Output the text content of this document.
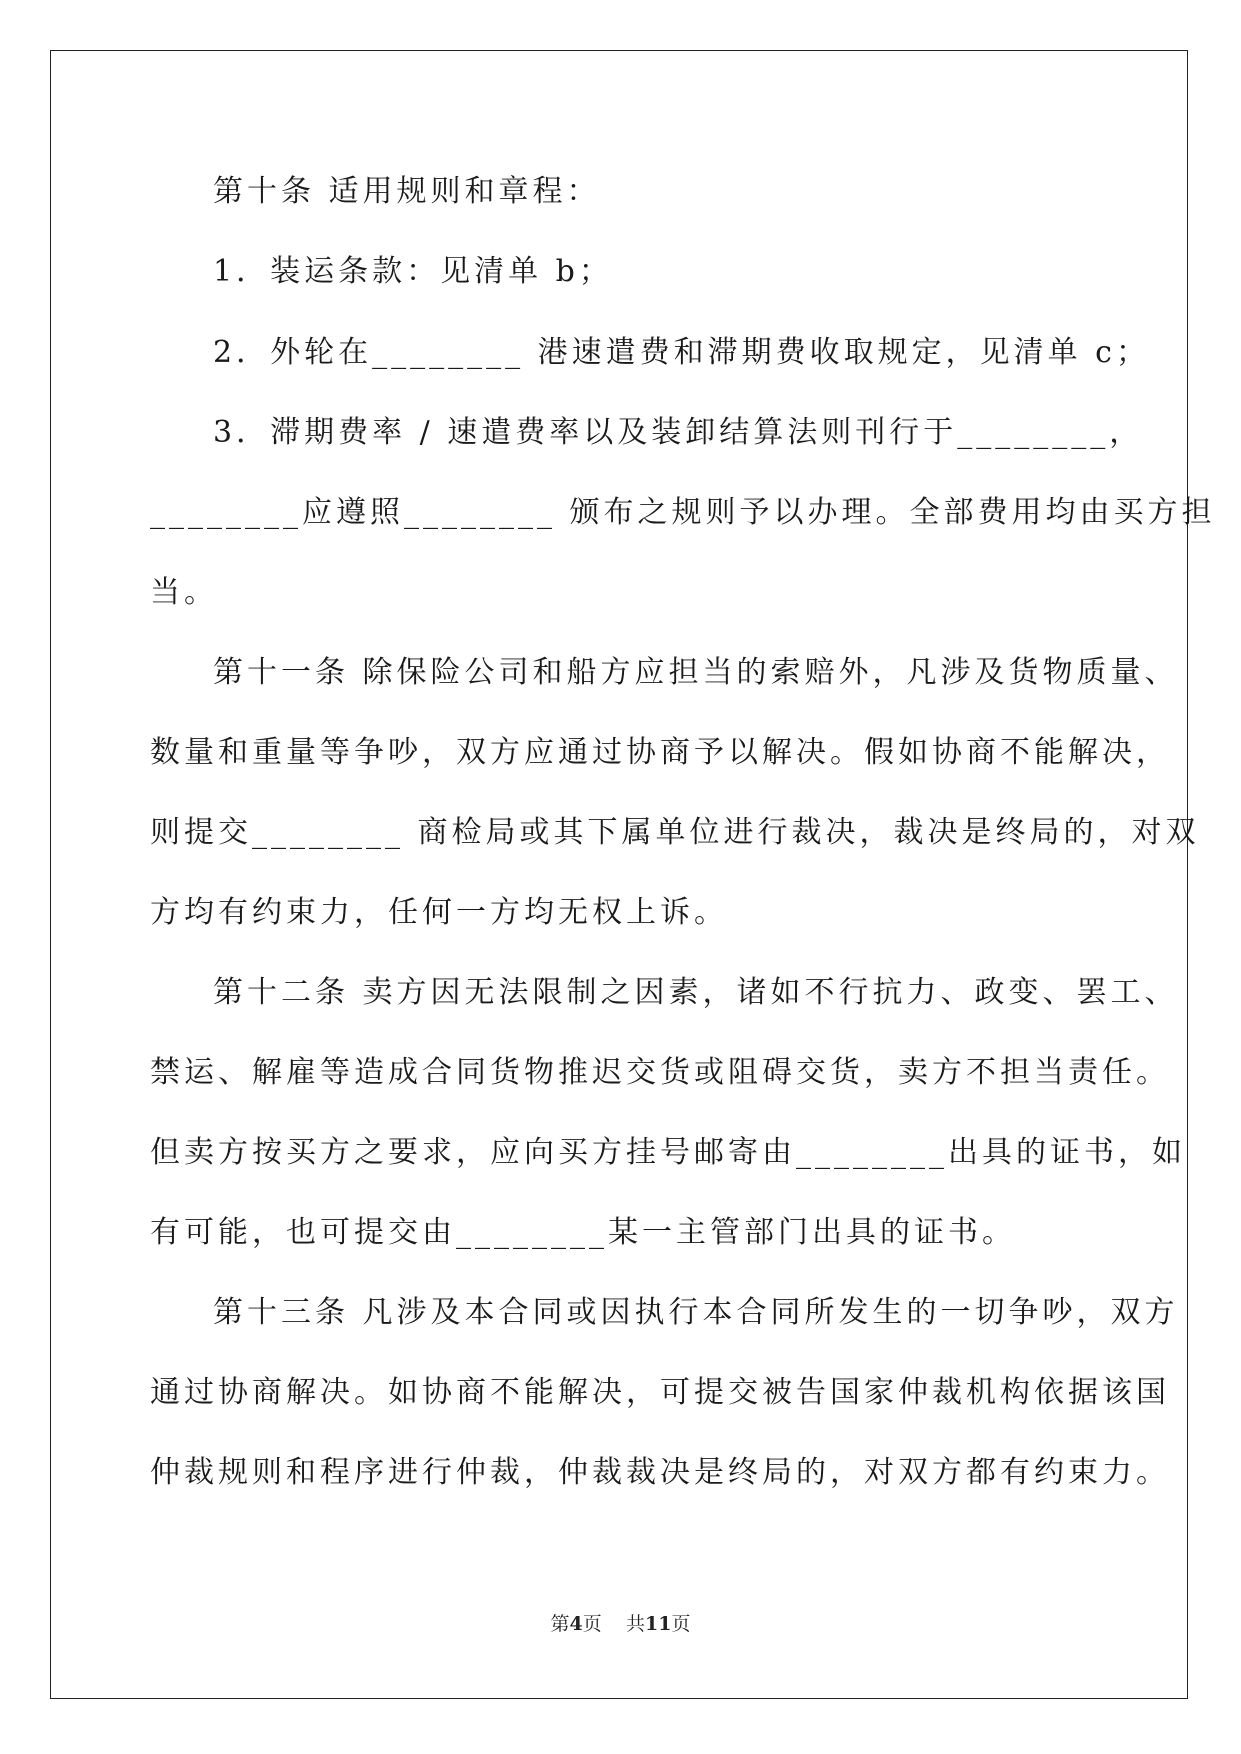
第十条 适用规则和章程：
1．装运条款：见清单 b；
2．外轮在________ 港速遣费和滞期费收取规定，见清单 c；
3．滞期费率 / 速遣费率以及装卸结算法则刊行于________，
________应遵照________ 颁布之规则予以办理。全部费用均由买方担
当。
第十一条 除保险公司和船方应担当的索赔外，凡涉及货物质量、
数量和重量等争吵，双方应通过协商予以解决。假如协商不能解决，
则提交________ 商检局或其下属单位进行裁决，裁决是终局的，对双
方均有约束力，任何一方均无权上诉。
第十二条 卖方因无法限制之因素，诸如不行抗力、政变、罢工、
禁运、解雇等造成合同货物推迟交货或阻碍交货，卖方不担当责任。
但卖方按买方之要求，应向买方挂号邮寄由________出具的证书，如
有可能，也可提交由________某一主管部门出具的证书。
第十三条 凡涉及本合同或因执行本合同所发生的一切争吵，双方
通过协商解决。如协商不能解决，可提交被告国家仲裁机构依据该国
仲裁规则和程序进行仲裁，仲裁裁决是终局的，对双方都有约束力。
第4页 共11页
